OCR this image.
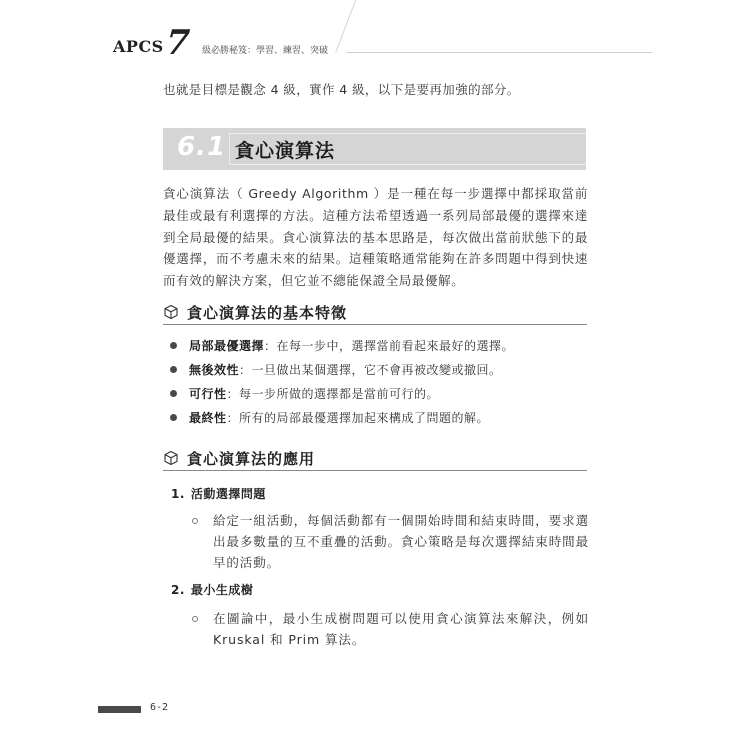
APCS 7 級必勝秘笈：學習、練習、突破
也就是目標是觀念 4 級，實作 4 級，以下是要再加強的部分。
6.1 貪心演算法
貪心演算法（ Greedy Algorithm ）是一種在每一步選擇中都採取當前最佳或最有利選擇的方法。這種方法希望透過一系列局部最優的選擇來達到全局最優的結果。貪心演算法的基本思路是，每次做出當前狀態下的最優選擇，而不考慮未來的結果。這種策略通常能夠在許多問題中得到快速而有效的解決方案，但它並不總能保證全局最優解。
貪心演算法的基本特徵
局部最優選擇 ：在每一步中，選擇當前看起來最好的選擇。
無後效性 ：一旦做出某個選擇，它不會再被改變或撤回。
可行性 ：每一步所做的選擇都是當前可行的。
最終性 ：所有的局部最優選擇加起來構成了問題的解。
貪心演算法的應用
1. 活動選擇問題
給定一組活動，每個活動都有一個開始時間和結束時間，要求選出最多數量的互不重疊的活動。貪心策略是每次選擇結束時間最早的活動。
2. 最小生成樹
在圖論中，最小生成樹問題可以使用貪心演算法來解決，例如 Kruskal 和 Prim 算法。
6-2
